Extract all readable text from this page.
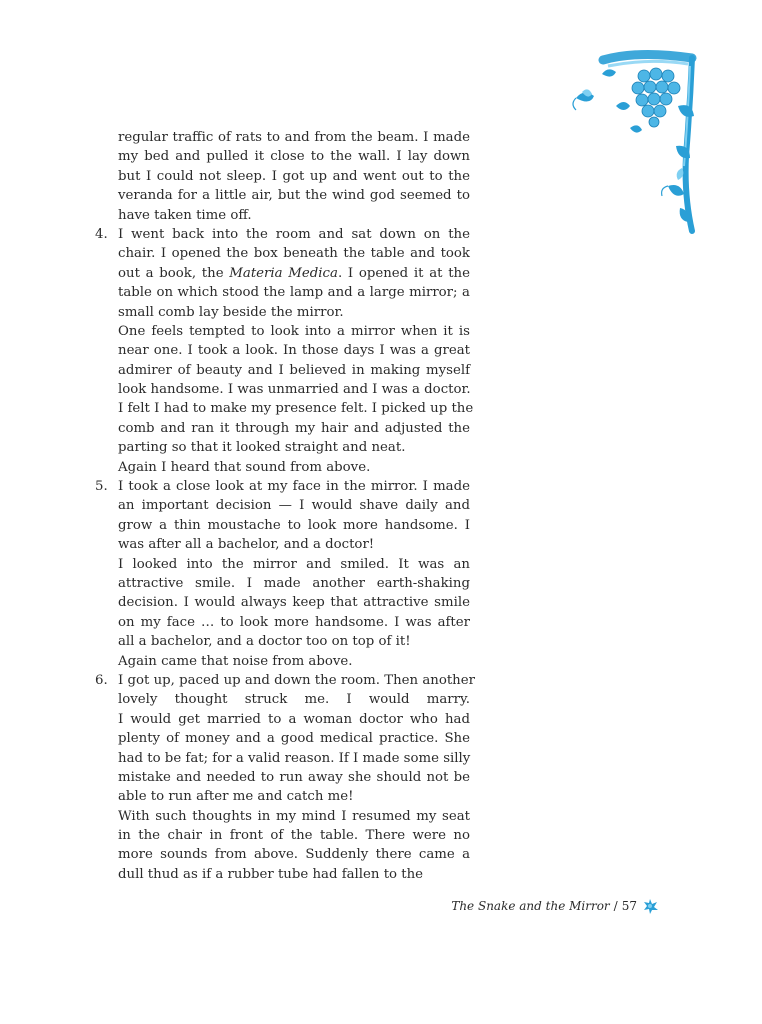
regular traffic of rats to and from the beam. I made
my bed and pulled it close to the wall. I lay down
but I could not sleep. I got up and went out to the
veranda for a little air, but the wind god seemed to
have taken time off.
4. I went back into the room and sat down on the
chair. I opened the box beneath the table and took
out a book, the Materia Medica. I opened it at the
table on which stood the lamp and a large mirror; a
small comb lay beside the mirror.
One feels tempted to look into a mirror when it is
near one. I took a look. In those days I was a great
admirer of beauty and I believed in making myself
look handsome. I was unmarried and I was a doctor.
I felt I had to make my presence felt. I picked up the
comb and ran it through my hair and adjusted the
parting so that it looked straight and neat.
Again I heard that sound from above.
5. I took a close look at my face in the mirror. I made
an important decision — I would shave daily and
grow a thin moustache to look more handsome. I
was after all a bachelor, and a doctor!
I looked into the mirror and smiled. It was an
attractive smile. I made another earth-shaking
decision. I would always keep that attractive smile
on my face … to look more handsome. I was after
all a bachelor, and a doctor too on top of it!
Again came that noise from above.
6. I got up, paced up and down the room. Then another
lovely thought struck me. I would marry.
I would get married to a woman doctor who had
plenty of money and a good medical practice. She
had to be fat; for a valid reason. If I made some silly
mistake and needed to run away she should not be
able to run after me and catch me!
With such thoughts in my mind I resumed my seat
in the chair in front of the table. There were no
more sounds from above. Suddenly there came a
dull thud as if a rubber tube had fallen to the
The Snake and the Mirror / 57
